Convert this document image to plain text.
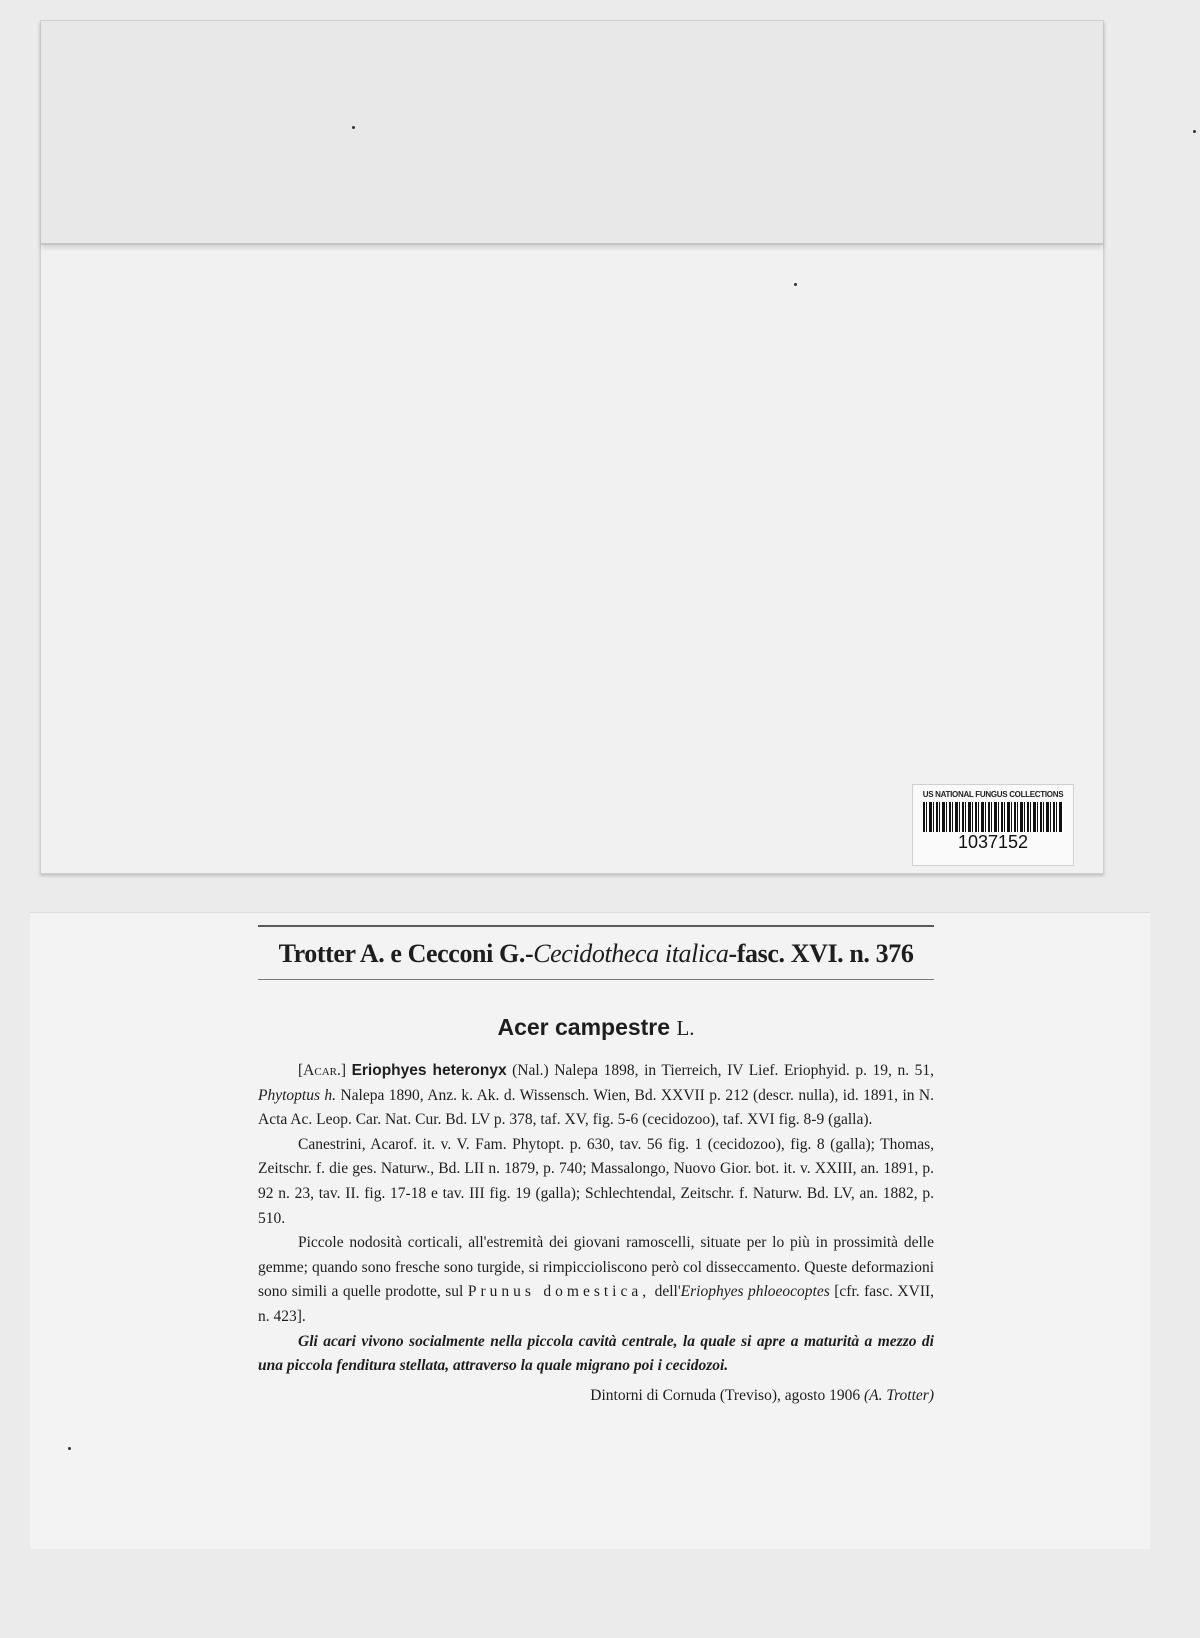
US NATIONAL FUNGUS COLLECTIONS
1037152
Trotter A. e Cecconi G.-Cecidotheca italica-fasc. XVI. n. 376
Acer campestre L.

[Acar.] Eriophyes heteronyx (Nal.) Nalepa 1898, in Tierreich, IV Lief. Eriophyid. p. 19, n. 51, Phytoptus h. Nalepa 1890, Anz. k. Ak. d. Wissensch. Wien, Bd. XXVII p. 212 (descr. nulla), id. 1891, in N. Acta Ac. Leop. Car. Nat. Cur. Bd. LV p. 378, taf. XV, fig. 5-6 (cecidozoo), taf. XVI fig. 8-9 (galla).

Canestrini, Acarof. it. v. V. Fam. Phytopt. p. 630, tav. 56 fig. 1 (cecidozoo), fig. 8 (galla); Thomas, Zeitschr. f. die ges. Naturw., Bd. LII n. 1879, p. 740; Massalongo, Nuovo Gior. bot. it. v. XXIII, an. 1891, p. 92 n. 23, tav. II. fig. 17-18 e tav. III fig. 19 (galla); Schlechtendal, Zeitschr. f. Naturw. Bd. LV, an. 1882, p. 510.

Piccole nodosità corticali, all'estremità dei giovani ramoscelli, situate per lo più in prossimità delle gemme; quando sono fresche sono turgide, si rimpiccioliscono però col disseccamento. Queste deformazioni sono simili a quelle prodotte, sul Prunus domestica, dell'Eriophyes phloeocoptes [cfr. fasc. XVII, n. 423].

Gli acari vivono socialmente nella piccola cavità centrale, la quale si apre a maturità a mezzo di una piccola fenditura stellata, attraverso la quale migrano poi i cecidozoi.

Dintorni di Cornuda (Treviso), agosto 1906 (A. Trotter)
